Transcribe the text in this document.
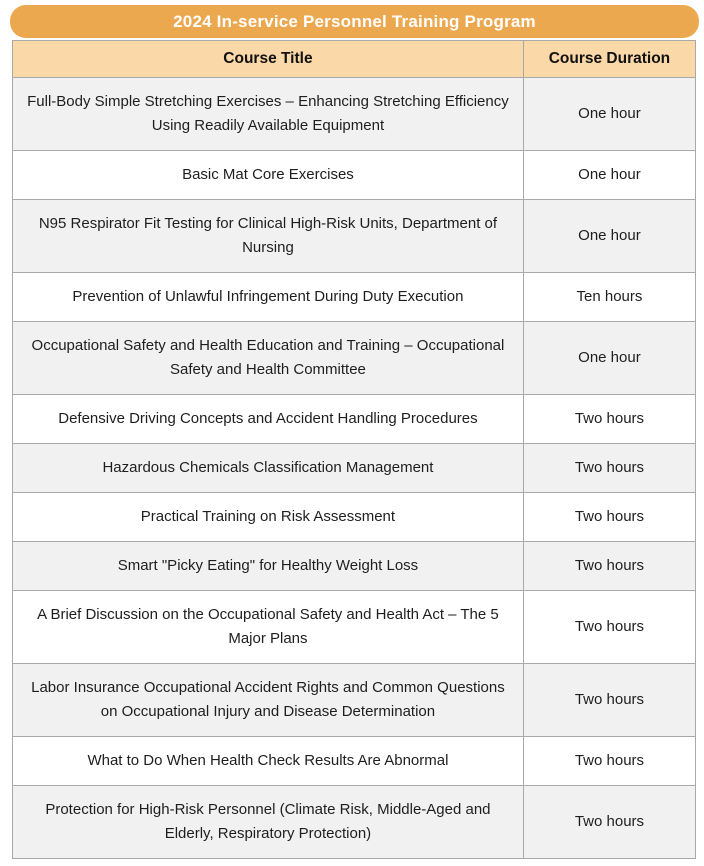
2024 In-service Personnel Training Program
Course Title	Course Duration
Full-Body Simple Stretching Exercises – Enhancing Stretching Efficiency Using Readily Available Equipment	One hour
Basic Mat Core Exercises	One hour
N95 Respirator Fit Testing for Clinical High-Risk Units, Department of Nursing	One hour
Prevention of Unlawful Infringement During Duty Execution	Ten hours
Occupational Safety and Health Education and Training – Occupational Safety and Health Committee	One hour
Defensive Driving Concepts and Accident Handling Procedures	Two hours
Hazardous Chemicals Classification Management	Two hours
Practical Training on Risk Assessment	Two hours
Smart "Picky Eating" for Healthy Weight Loss	Two hours
A Brief Discussion on the Occupational Safety and Health Act – The 5 Major Plans	Two hours
Labor Insurance Occupational Accident Rights and Common Questions on Occupational Injury and Disease Determination	Two hours
What to Do When Health Check Results Are Abnormal	Two hours
Protection for High-Risk Personnel (Climate Risk, Middle-Aged and Elderly, Respiratory Protection)	Two hours
